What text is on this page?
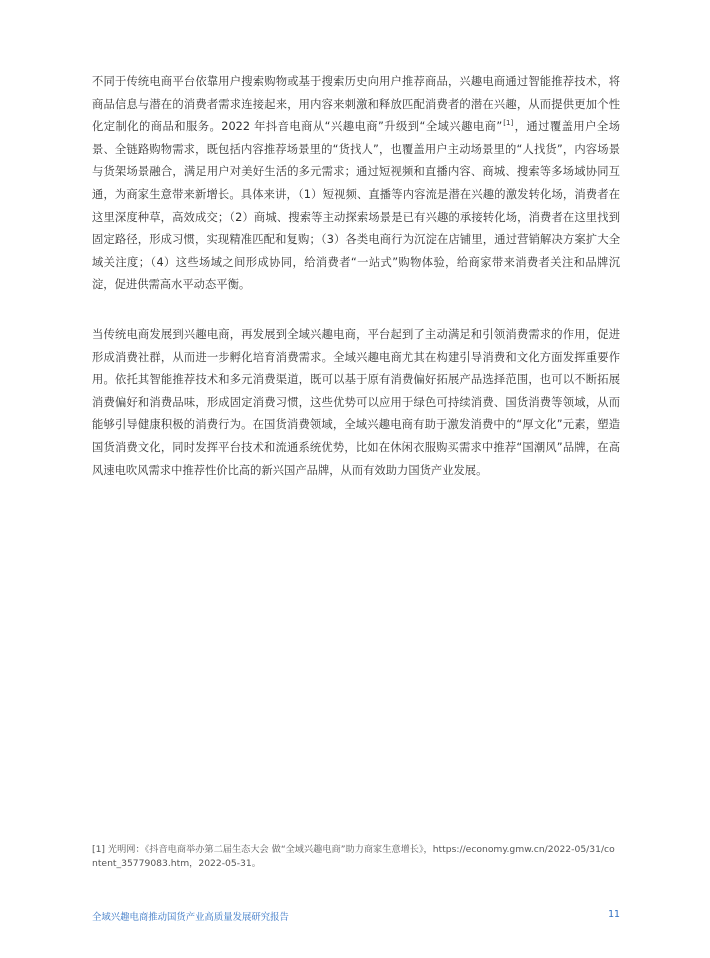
不同于传统电商平台依靠用户搜索购物或基于搜索历史向用户推荐商品，兴趣电商通过智能推荐技术，将商品信息与潜在的消费者需求连接起来，用内容来刺激和释放匹配消费者的潜在兴趣，从而提供更加个性化定制化的商品和服务。2022 年抖音电商从“兴趣电商”升级到“全域兴趣电商”[1]，通过覆盖用户全场景、全链路购物需求，既包括内容推荐场景里的“货找人”，也覆盖用户主动场景里的“人找货”，内容场景与货架场景融合，满足用户对美好生活的多元需求；通过短视频和直播内容、商城、搜索等多场域协同互通，为商家生意带来新增长。具体来讲，（1）短视频、直播等内容流是潜在兴趣的激发转化场，消费者在这里深度种草，高效成交；（2）商城、搜索等主动探索场景是已有兴趣的承接转化场，消费者在这里找到固定路径，形成习惯，实现精准匹配和复购；（3）各类电商行为沉淀在店铺里，通过营销解决方案扩大全域关注度；（4）这些场域之间形成协同，给消费者“一站式”购物体验，给商家带来消费者关注和品牌沉淀，促进供需高水平动态平衡。

当传统电商发展到兴趣电商，再发展到全域兴趣电商，平台起到了主动满足和引领消费需求的作用，促进形成消费社群，从而进一步孵化培育消费需求。全域兴趣电商尤其在构建引导消费和文化方面发挥重要作用。依托其智能推荐技术和多元消费渠道，既可以基于原有消费偏好拓展产品选择范围，也可以不断拓展消费偏好和消费品味，形成固定消费习惯，这些优势可以应用于绿色可持续消费、国货消费等领域，从而能够引导健康积极的消费行为。在国货消费领域，全域兴趣电商有助于激发消费中的“厚文化”元素，塑造国货消费文化，同时发挥平台技术和流通系统优势，比如在休闲衣服购买需求中推荐“国潮风”品牌，在高风速电吹风需求中推荐性价比高的新兴国产品牌，从而有效助力国货产业发展。

[1] 光明网：《抖音电商举办第二届生态大会 做“全域兴趣电商”助力商家生意增长》，https://economy.gmw.cn/2022-05/31/content_35779083.htm，2022-05-31。
全域兴趣电商推动国货产业高质量发展研究报告	11
